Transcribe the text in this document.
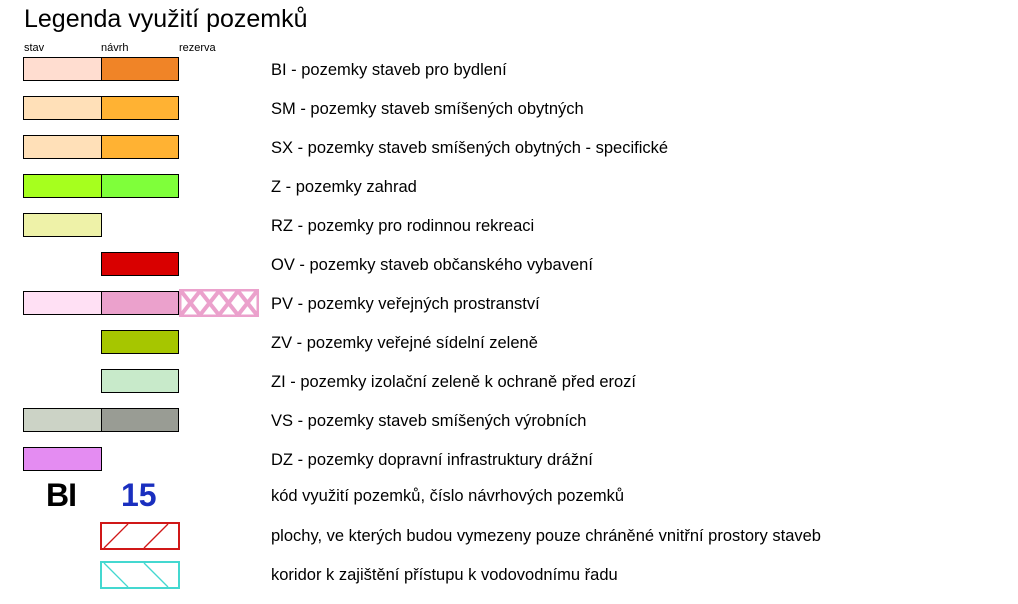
Legenda využití pozemků
stav	návrh	rezerva
BI - pozemky staveb pro bydlení
SM - pozemky staveb smíšených obytných
SX - pozemky staveb smíšených obytných - specifické
Z - pozemky zahrad
RZ - pozemky pro rodinnou rekreaci
OV - pozemky staveb občanského vybavení
PV - pozemky veřejných prostranství
ZV - pozemky veřejné sídelní zeleně
ZI - pozemky izolační zeleně k ochraně před erozí
VS - pozemky staveb smíšených výrobních
DZ - pozemky dopravní infrastruktury drážní
BI 15	kód využití pozemků, číslo návrhových pozemků
plochy, ve kterých budou vymezeny pouze chráněné vnitřní prostory staveb
koridor k zajištění přístupu k vodovodnímu řadu
